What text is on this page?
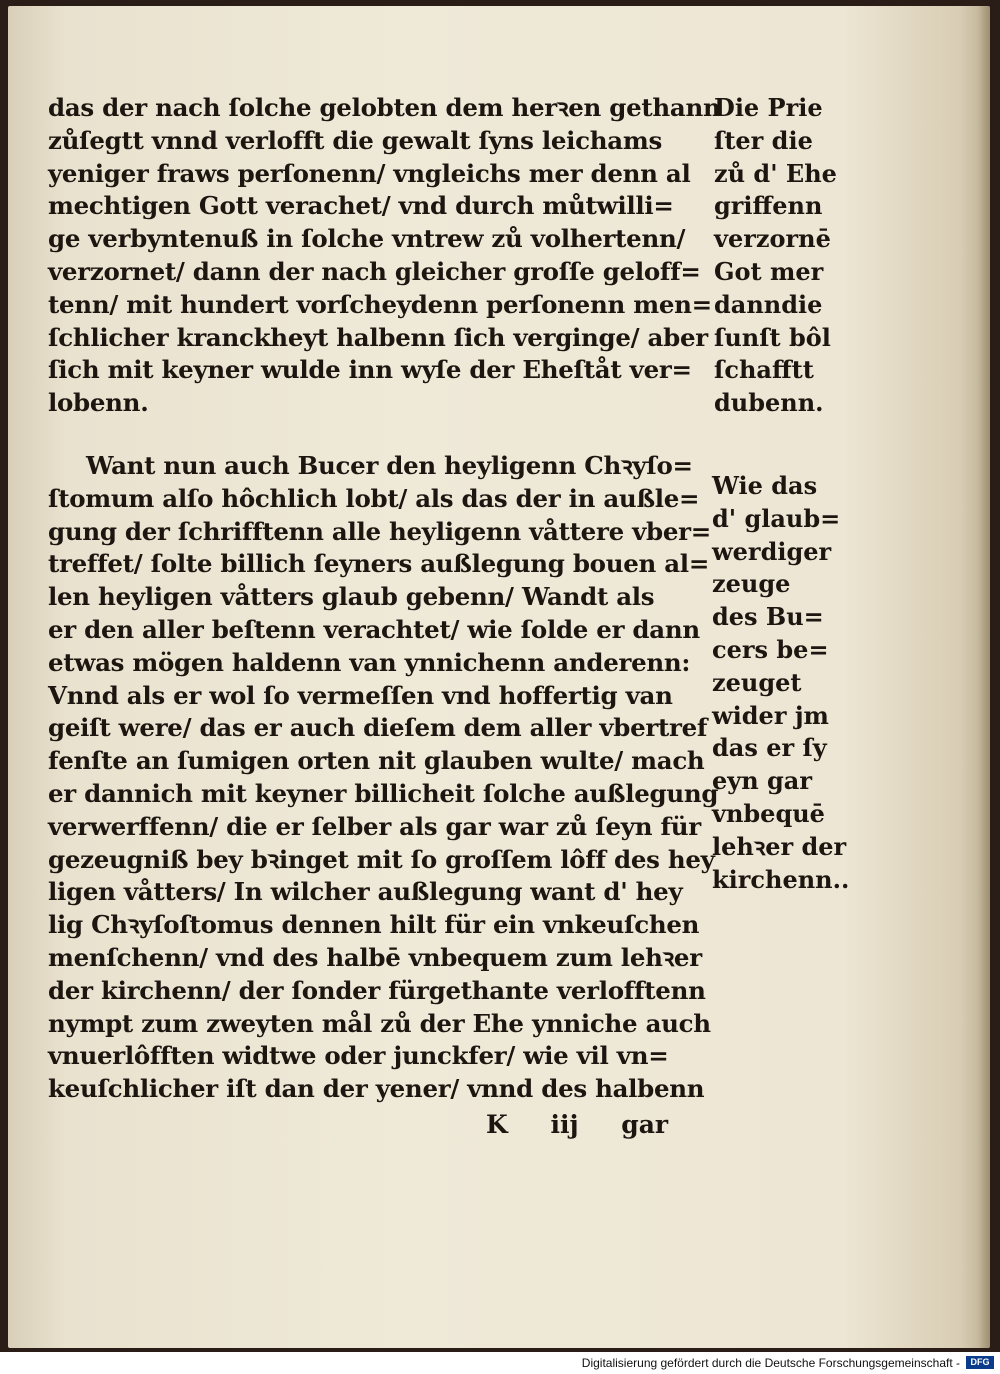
das der nach ſolche gelobten dem herꝛen gethann
zůſegtt vnnd verlofft die gewalt ſyns leichams
yeniger fraws perſonenn/ vngleichs mer denn al
mechtigen Gott verachet/ vnd durch můtwilli=
ge verbyntenuß in ſolche vntrew zů volhertenn/
verzornet/ dann der nach gleicher groſſe geloff=
tenn/ mit hundert vorſcheydenn perſonenn men=
ſchlicher kranckheyt halbenn ſich verginge/ aber
ſich mit keyner wulde inn wyſe der Eheſtåt ver=
lobenn.
Want nun auch Bucer den heyligenn Chꝛyſo=
ſtomum alſo hôchlich lobt/ als das der in außle=
gung der ſchrifftenn alle heyligenn våttere vber=
treffet/ ſolte billich ſeyners außlegung bouen al=
len heyligen våtters glaub gebenn/ Wandt als
er den aller beſtenn verachtet/ wie ſolde er dann
etwas mögen haldenn van ynnichenn anderenn:
Vnnd als er wol ſo vermeſſen vnd hoffertig van
geiſt were/ das er auch dieſem dem aller vbertref
fenſte an ſumigen orten nit glauben wulte/ mach
er dannich mit keyner billicheit ſolche außlegung
verwerffenn/ die er ſelber als gar war zů ſeyn für
gezeugniß bey bꝛinget mit ſo groſſem lôff des hey
ligen våtters/ In wilcher außlegung want d' hey
lig Chꝛyſoſtomus dennen hilt für ein vnkeuſchen
menſchenn/ vnd des halbē vnbequem zum lehꝛer
der kirchenn/ der ſonder fürgethante verlofftenn
nympt zum zweyten mål zů der Ehe ynniche auch
vnuerlôfften widtwe oder junckfer/ wie vil vn=
keuſchlicher iſt dan der yener/ vnnd des halbenn
Die Prie
ſter die
zů d' Ehe
griffenn
verzornē
Got mer
danndie
ſunſt bôl
ſchafftt
dubenn.
Wie das
d' glaub=
werdiger
zeuge
des Bu=
cers be=
zeuget
wider jm
das er ſy
eyn gar
vnbequē
lehꝛer der
kirchenn..
K iij gar
Digitalisierung gefördert durch die Deutsche Forschungsgemeinschaft -	DFG
